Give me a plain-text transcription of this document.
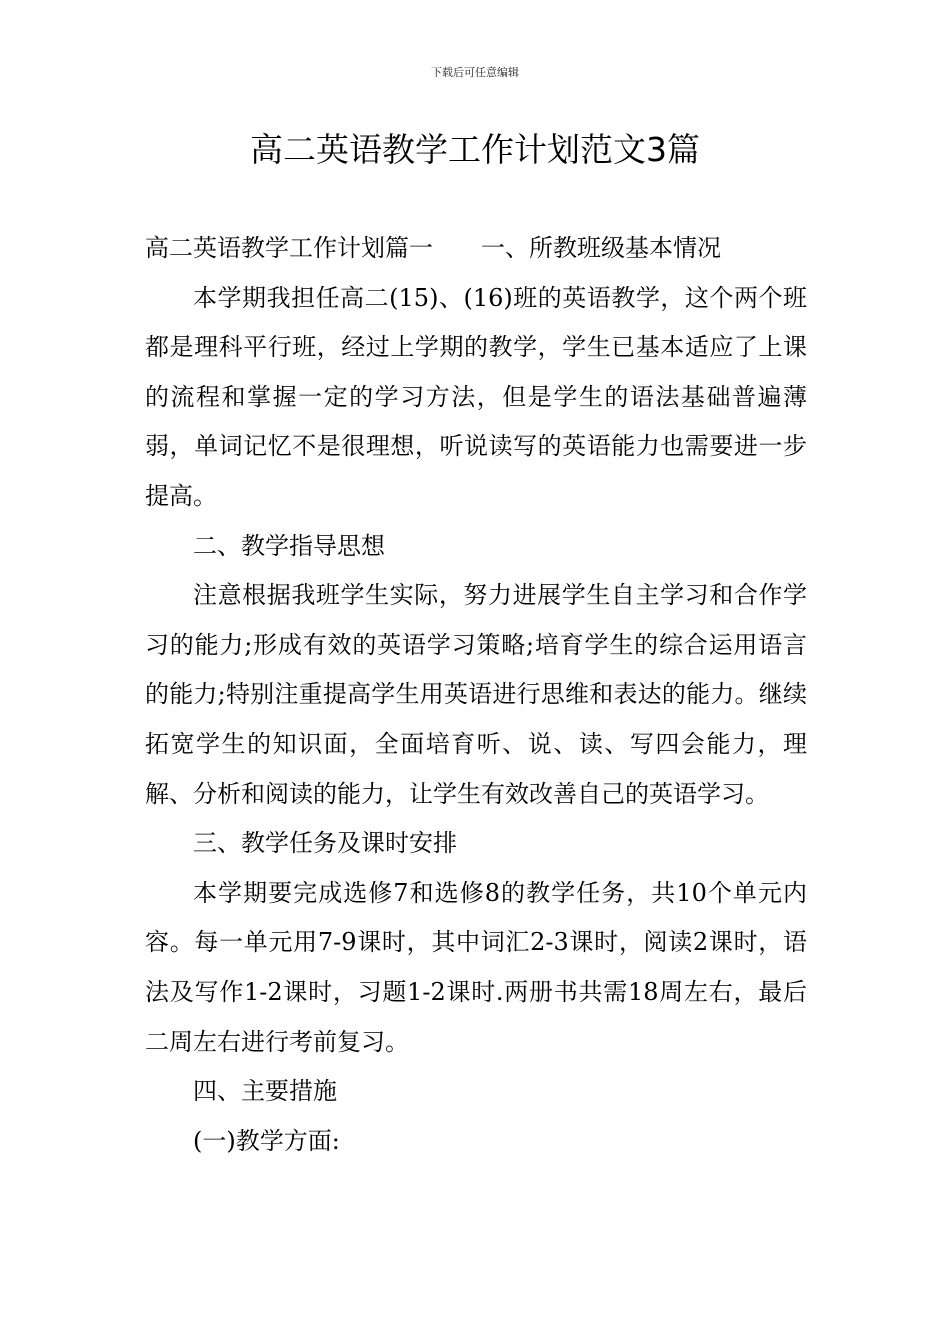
下载后可任意编辑
高二英语教学工作计划范文3篇

高二英语教学工作计划篇一 一、所教班级基本情况

本学期我担任高二(15)、(16)班的英语教学，这个两个班都是理科平行班，经过上学期的教学，学生已基本适应了上课的流程和掌握一定的学习方法，但是学生的语法基础普遍薄弱，单词记忆不是很理想，听说读写的英语能力也需要进一步提高。

二、教学指导思想

注意根据我班学生实际，努力进展学生自主学习和合作学习的能力;形成有效的英语学习策略;培育学生的综合运用语言的能力;特别注重提高学生用英语进行思维和表达的能力。继续拓宽学生的知识面，全面培育听、说、读、写四会能力，理解、分析和阅读的能力，让学生有效改善自己的英语学习。

三、教学任务及课时安排

本学期要完成选修7和选修8的教学任务，共10个单元内容。每一单元用7-9课时，其中词汇2-3课时，阅读2课时，语法及写作1-2课时，习题1-2课时.两册书共需18周左右，最后二周左右进行考前复习。

四、主要措施

(一)教学方面:
